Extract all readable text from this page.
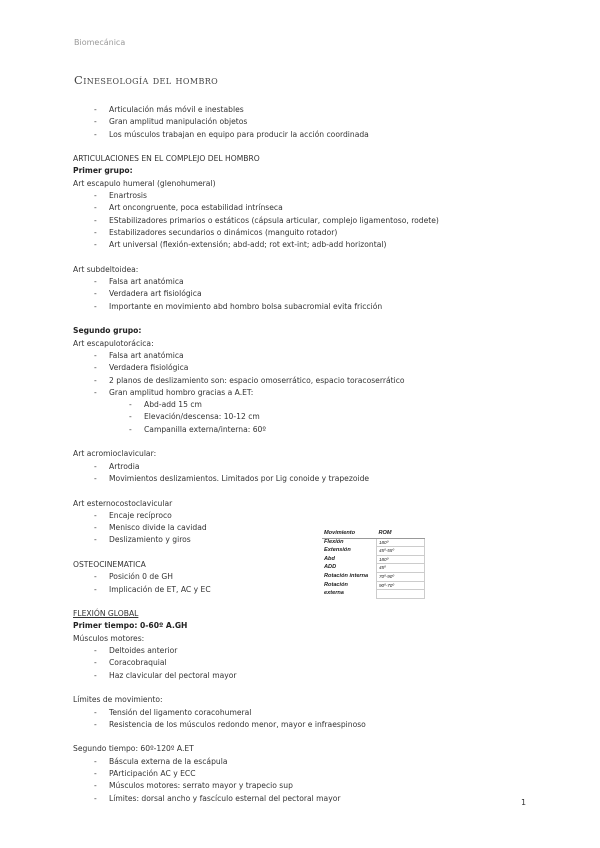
Biomecánica
Cineseología del hombro
- Articulación más móvil e inestables
- Gran amplitud manipulación objetos
- Los músculos trabajan en equipo para producir la acción coordinada
ARTICULACIONES EN EL COMPLEJO DEL HOMBRO
Primer grupo:
Art escapulo humeral (glenohumeral)
- Enartrosis
- Art oncongruente, poca estabilidad intrínseca
- EStabilizadores primarios o estáticos (cápsula articular, complejo ligamentoso, rodete)
- Estabilizadores secundarios o dinámicos (manguito rotador)
- Art universal (flexión-extensión; abd-add; rot ext-int; adb-add horizontal)
Art subdeltoidea:
- Falsa art anatómica
- Verdadera art fisiológica
- Importante en movimiento abd hombro bolsa subacromial evita fricción
Segundo grupo:
Art escapulotorácica:
- Falsa art anatómica
- Verdadera fisiológica
- 2 planos de deslizamiento son: espacio omoserrático, espacio toracoserrático
- Gran amplitud hombro gracias a A.ET:
- Abd-add 15 cm
- Elevación/descensa: 10-12 cm
- Campanilla externa/interna: 60º
Art acromioclavicular:
- Artrodia
- Movimientos deslizamientos. Limitados por Lig conoide y trapezoide
Art esternocostoclavicular
- Encaje recíproco
- Menisco divide la cavidad
- Deslizamiento y giros
OSTEOCINEMATICA
- Posición 0 de GH
- Implicación de ET, AC y EC
FLEXIÓN GLOBAL
Primer tiempo: 0-60º A.GH
Músculos motores:
- Deltoides anterior
- Coracobraquial
- Haz clavicular del pectoral mayor
Límites de movimiento:
- Tensión del ligamento coracohumeral
- Resistencia de los músculos redondo menor, mayor e infraespinoso
Segundo tiempo: 60º-120º A.ET
- Báscula externa de la escápula
- PArticipación AC y ECC
- Músculos motores: serrato mayor y trapecio sup
- Límites: dorsal ancho y fascículo esternal del pectoral mayor
Movimiento	ROM
Flexión	180º
Extensión	45º-55º
Abd	180º
ADD	45º
Rotación interna	70º-90º
Rotación	90º-70º
externa	
1
